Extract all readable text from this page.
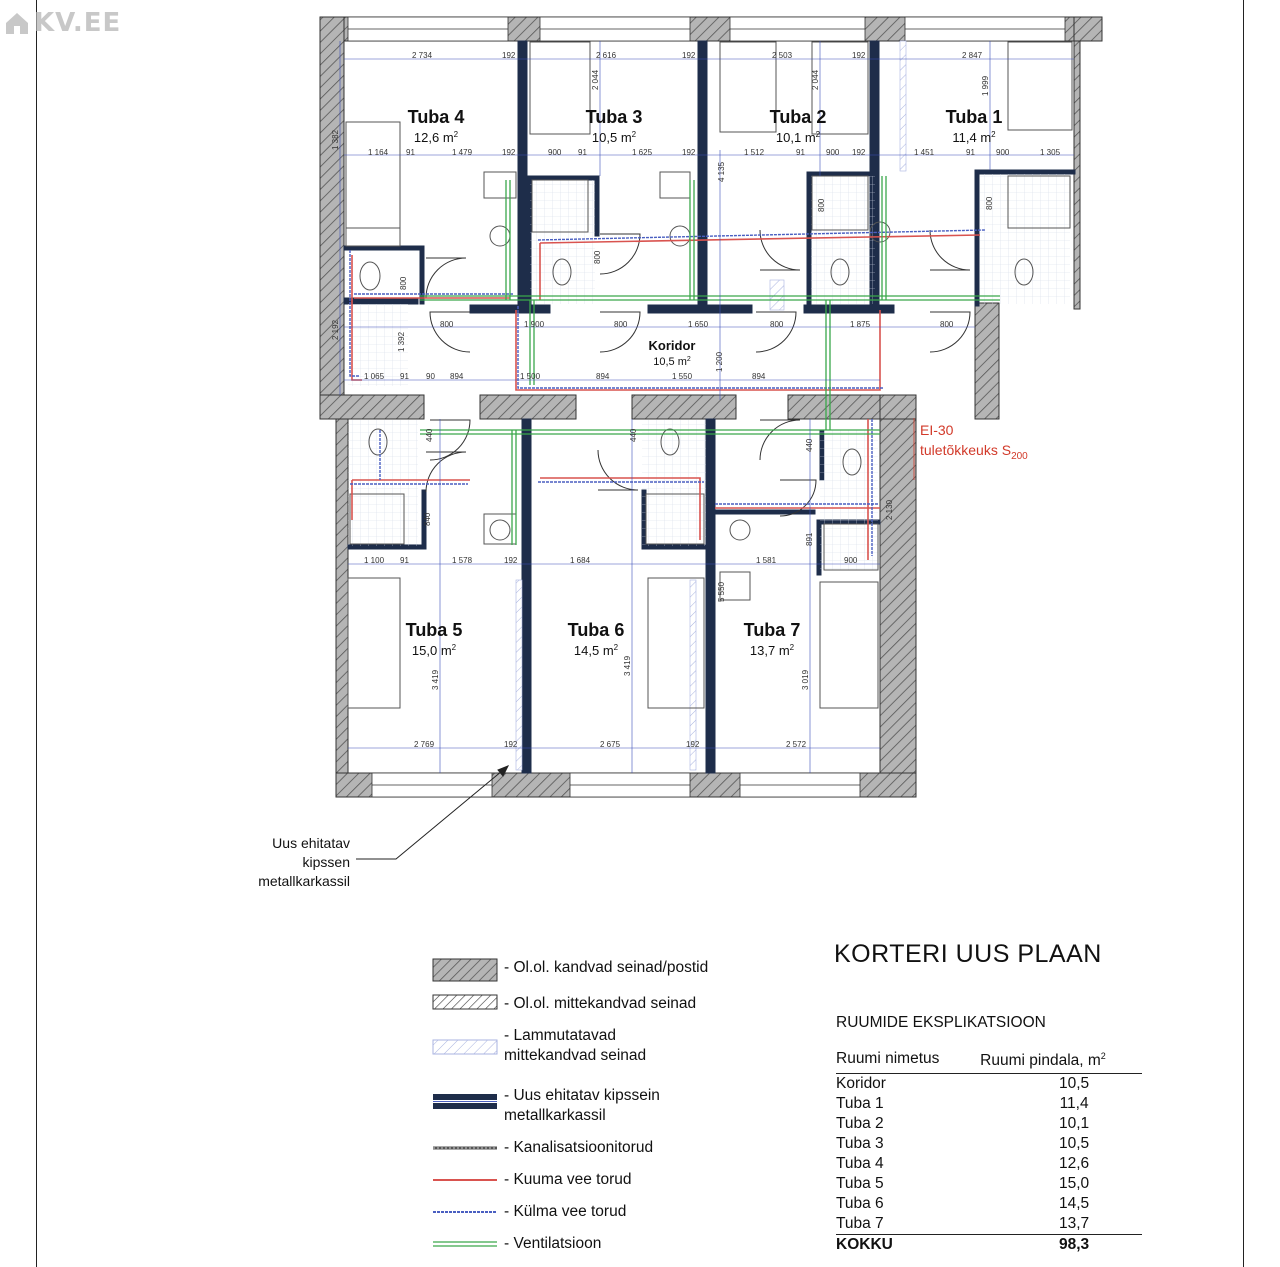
KV.EE
2 734	192	2 616	192	2 503	192	2 847
1 164 91	1 479	192	900 91	1 625	192	1 512	91	900 192	1 451	91	900	1 305
800	1 900	800	1 650	800	1 875	800
1 065 91 90 894	1 500	894	1 550	894
1 100 91	1 578	192	1 684	1 581	900
2 769	192	2 675	192	2 572
2 044	2 044	1 999
1 382
2 192
1 392
3 419
3 419
3 019
5 550
1 200
2 130
4 135
800
800
800	800
440	440
440
840
891
Tuba 4
12,6 $m^2$
Tuba 3
10,5 $m^2$
Tuba 2
10,1 $m^2$
Tuba 1
11,4 $m^2$
Koridor
10,5 $m^2$
Tuba 5
15,0 $m^2$
Tuba 6
14,5 $m^2$
Tuba 7
13,7 $m^2$
EI-30
tuletõkkeuks $S_{200}$
Uus ehitatav
kipssen
metallkarkassil
- Ol.ol. kandvad seinad/postid
- Ol.ol. mittekandvad seinad
- Lammutatavad
mittekandvad seinad
- Uus ehitatav kipssein
metallkarkassil
- Kanalisatsioonitorud
- Kuuma vee torud
- Külma vee torud
- Ventilatsioon
KORTERI UUS PLAAN
RUUMIDE EKSPLIKATSIOON
Ruumi nimetus	Ruumi pindala, $m^2$
Koridor	10,5
Tuba 1	11,4
Tuba 2	10,1
Tuba 3	10,5
Tuba 4	12,6
Tuba 5	15,0
Tuba 6	14,5
Tuba 7	13,7
KOKKU	98,3
